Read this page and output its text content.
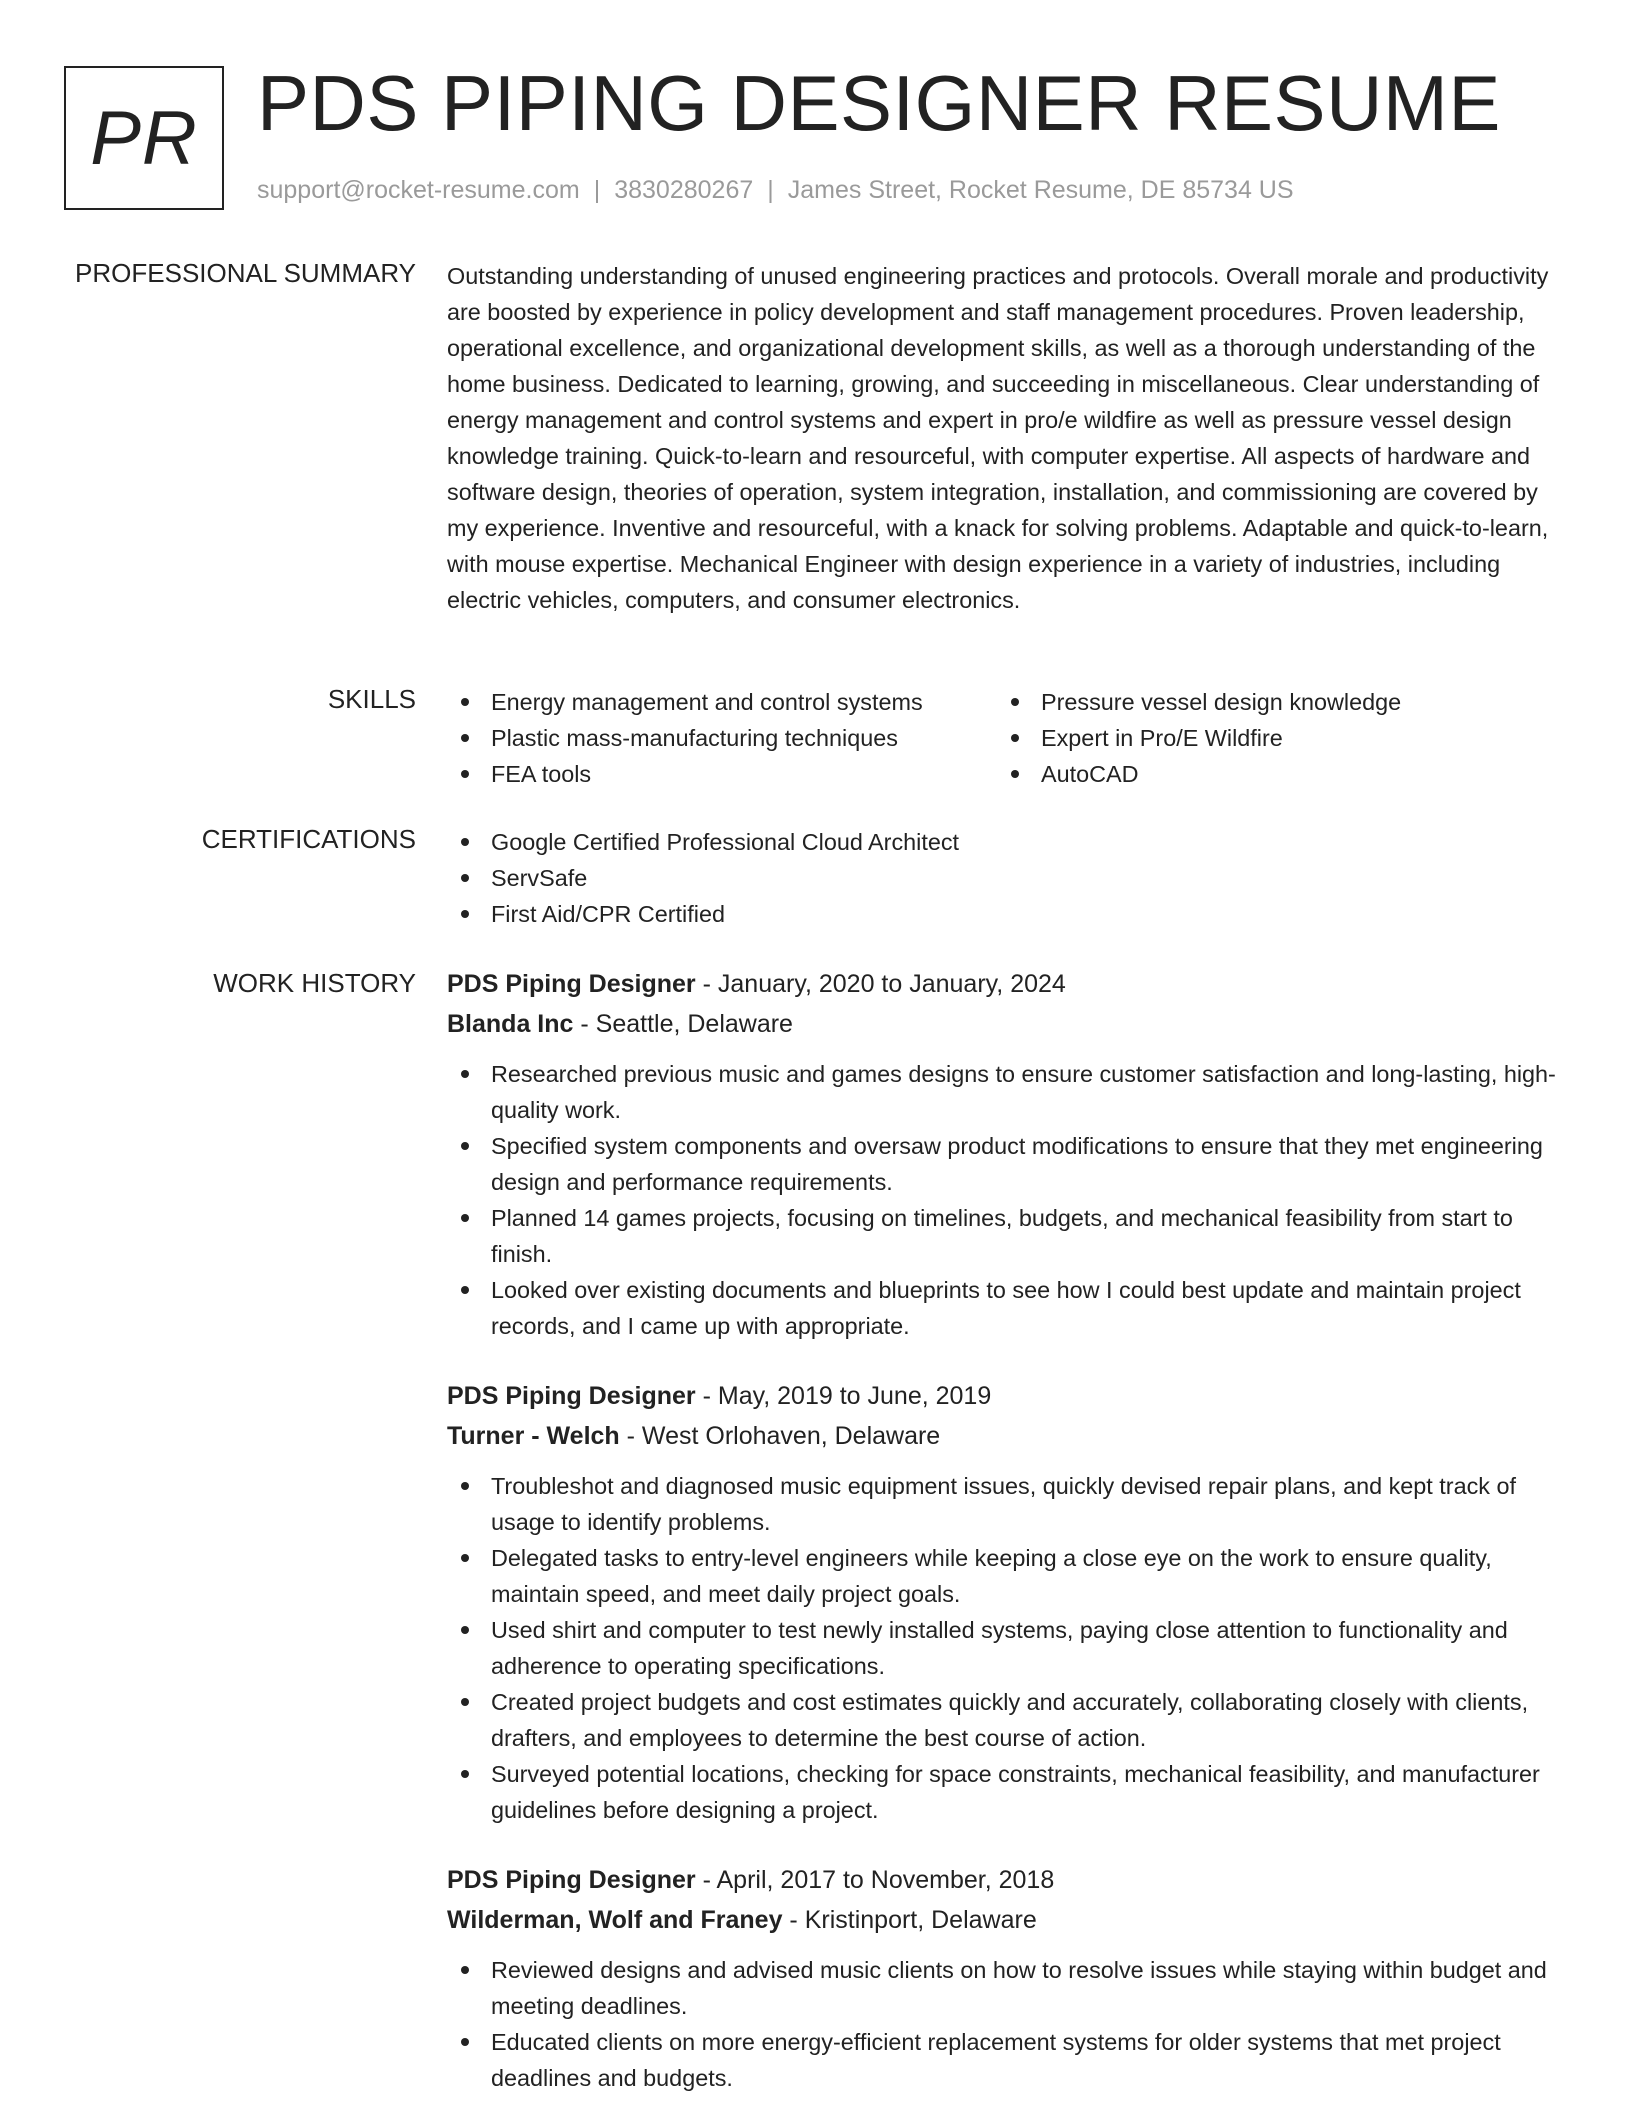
PR PDS PIPING DESIGNER RESUME
support@rocket-resume.com | 3830280267 | James Street, Rocket Resume, DE 85734 US
PROFESSIONAL SUMMARY Outstanding understanding of unused engineering practices and protocols. Overall morale and productivity are boosted by experience in policy development and staff management procedures. Proven leadership, operational excellence, and organizational development skills, as well as a thorough understanding of the home business. Dedicated to learning, growing, and succeeding in miscellaneous. Clear understanding of energy management and control systems and expert in pro/e wildfire as well as pressure vessel design knowledge training. Quick-to-learn and resourceful, with computer expertise. All aspects of hardware and software design, theories of operation, system integration, installation, and commissioning are covered by my experience. Inventive and resourceful, with a knack for solving problems. Adaptable and quick-to-learn, with mouse expertise. Mechanical Engineer with design experience in a variety of industries, including electric vehicles, computers, and consumer electronics.

SKILLS	Energy management and control systems
Plastic mass-manufacturing techniques
FEA tools
Pressure vessel design knowledge
Expert in Pro/E Wildfire
AutoCAD
CERTIFICATIONS	Google Certified Professional Cloud Architect
ServSafe
First Aid/CPR Certified
WORK HISTORY PDS Piping Designer - January, 2020 to January, 2024
Blanda Inc - Seattle, Delaware
Researched previous music and games designs to ensure customer satisfaction and long-lasting, high-quality work.
Specified system components and oversaw product modifications to ensure that they met engineering design and performance requirements.
Planned 14 games projects, focusing on timelines, budgets, and mechanical feasibility from start to finish.
Looked over existing documents and blueprints to see how I could best update and maintain project records, and I came up with appropriate.
PDS Piping Designer - May, 2019 to June, 2019
Turner - Welch - West Orlohaven, Delaware
Troubleshot and diagnosed music equipment issues, quickly devised repair plans, and kept track of usage to identify problems.
Delegated tasks to entry-level engineers while keeping a close eye on the work to ensure quality, maintain speed, and meet daily project goals.
Used shirt and computer to test newly installed systems, paying close attention to functionality and adherence to operating specifications.
Created project budgets and cost estimates quickly and accurately, collaborating closely with clients, drafters, and employees to determine the best course of action.
Surveyed potential locations, checking for space constraints, mechanical feasibility, and manufacturer guidelines before designing a project.
PDS Piping Designer - April, 2017 to November, 2018
Wilderman, Wolf and Franey - Kristinport, Delaware
Reviewed designs and advised music clients on how to resolve issues while staying within budget and meeting deadlines.
Educated clients on more energy-efficient replacement systems for older systems that met project deadlines and budgets.
